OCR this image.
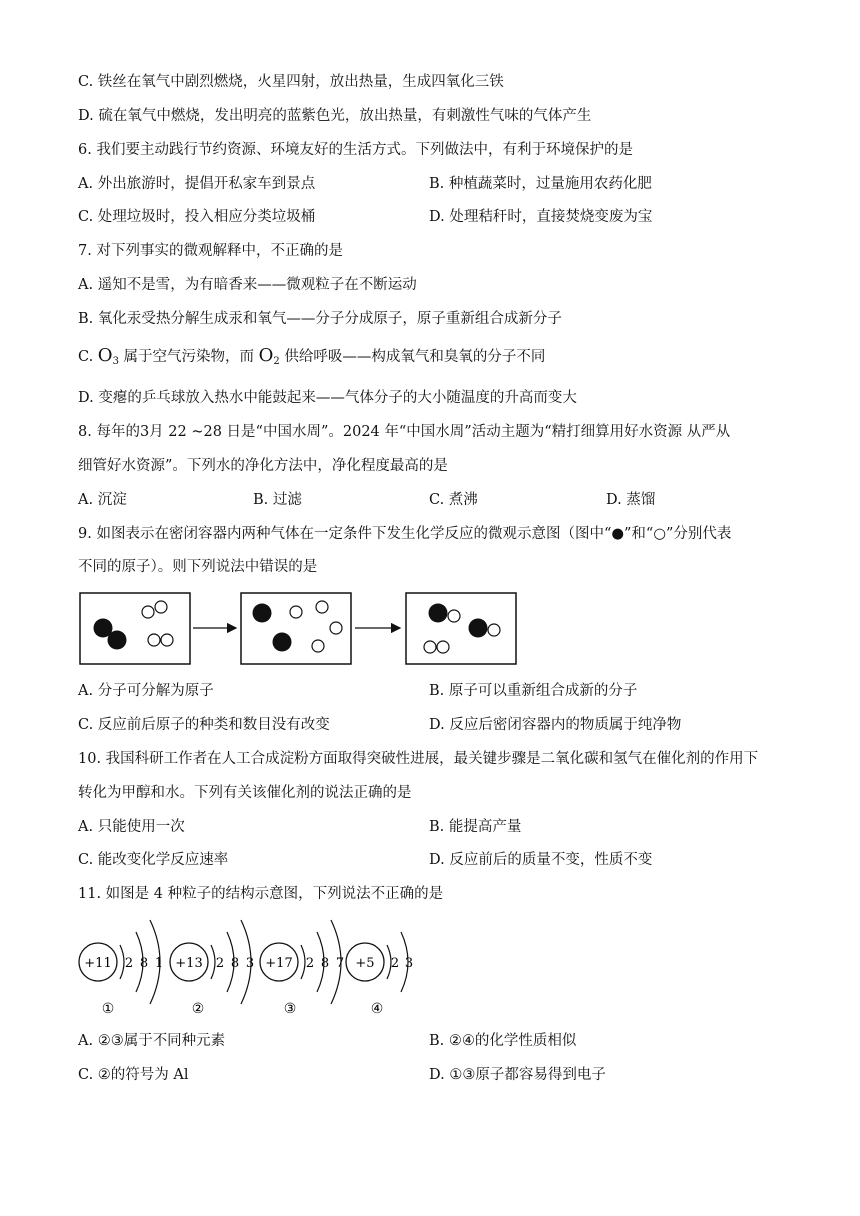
C. 铁丝在氧气中剧烈燃烧，火星四射，放出热量，生成四氧化三铁
D. 硫在氧气中燃烧，发出明亮的蓝紫色光，放出热量，有刺激性气味的气体产生
6. 我们要主动践行节约资源、环境友好的生活方式。下列做法中，有利于环境保护的是
A. 外出旅游时，提倡开私家车到景点	B. 种植蔬菜时，过量施用农药化肥
C. 处理垃圾时，投入相应分类垃圾桶	D. 处理秸秆时，直接焚烧变废为宝
7. 对下列事实的微观解释中，不正确的是
A. 遥知不是雪，为有暗香来——微观粒子在不断运动
B. 氧化汞受热分解生成汞和氧气——分子分成原子，原子重新组合成新分子
C. $O_3$ 属于空气污染物，而 $O_2$ 供给呼吸——构成氧气和臭氧的分子不同
D. 变瘪的乒乓球放入热水中能鼓起来——气体分子的大小随温度的升高而变大
8. 每年的3月 22 ~28 日是“中国水周”。2024 年“中国水周”活动主题为“精打细算用好水资源 从严从
细管好水资源”。下列水的净化方法中，净化程度最高的是
A. 沉淀	B. 过滤	C. 煮沸	D. 蒸馏
9. 如图表示在密闭容器内两种气体在一定条件下发生化学反应的微观示意图（图中“●”和“○”分别代表
不同的原子）。则下列说法中错误的是
A. 分子可分解为原子	B. 原子可以重新组合成新的分子
C. 反应前后原子的种类和数目没有改变	D. 反应后密闭容器内的物质属于纯净物
10. 我国科研工作者在人工合成淀粉方面取得突破性进展，最关键步骤是二氧化碳和氢气在催化剂的作用下
转化为甲醇和水。下列有关该催化剂的说法正确的是
A. 只能使用一次	B. 能提高产量
C. 能改变化学反应速率	D. 反应前后的质量不变，性质不变
11. 如图是 4 种粒子的结构示意图，下列说法不正确的是
+11 2 8 1
①
+13 2 8 3
②
+17 2 8 7
③
+5 2 3
④
A. ②③属于不同种元素	B. ②④的化学性质相似
C. ②的符号为 Al	D. ①③原子都容易得到电子
